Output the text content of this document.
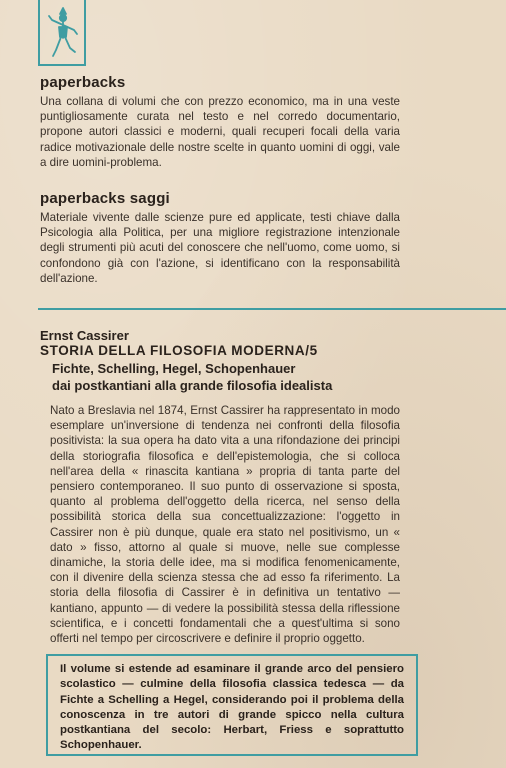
paperbacks
Una collana di volumi che con prezzo economico, ma in una veste puntigliosamente curata nel testo e nel corredo documentario, propone autori classici e moderni, quali recuperi focali della varia radice motivazionale delle nostre scelte in quanto uomini di oggi, vale a dire uomini-problema.
paperbacks saggi
Materiale vivente dalle scienze pure ed applicate, testi chiave dalla Psicologia alla Politica, per una migliore registrazione intenzionale degli strumenti più acuti del conoscere che nell'uomo, come uomo, si confondono già con l'azione, si identificano con la responsabilità dell'azione.
Ernst Cassirer
STORIA DELLA FILOSOFIA MODERNA/5
Fichte, Schelling, Hegel, Schopenhauer
dai postkantiani alla grande filosofia idealista
Nato a Breslavia nel 1874, Ernst Cassirer ha rappresentato in modo esemplare un'inversione di tendenza nei confronti della filosofia positivista: la sua opera ha dato vita a una rifondazione dei principi della storiografia filosofica e dell'epistemologia, che si colloca nell'area della « rinascita kantiana » propria di tanta parte del pensiero contemporaneo. Il suo punto di osservazione si sposta, quanto al problema dell'oggetto della ricerca, nel senso della possibilità storica della sua concettualizzazione: l'oggetto in Cassirer non è più dunque, quale era stato nel positivismo, un « dato » fisso, attorno al quale si muove, nelle sue complesse dinamiche, la storia delle idee, ma si modifica fenomenicamente, con il divenire della scienza stessa che ad esso fa riferimento. La storia della filosofia di Cassirer è in definitiva un tentativo — kantiano, appunto — di vedere la possibilità stessa della riflessione scientifica, e i concetti fondamentali che a quest'ultima si sono offerti nel tempo per circoscrivere e definire il proprio oggetto.
Il volume si estende ad esaminare il grande arco del pensiero scolastico — culmine della filosofia classica tedesca — da Fichte a Schelling a Hegel, considerando poi il problema della conoscenza in tre autori di grande spicco nella cultura postkantiana del secolo: Herbart, Friess e soprattutto Schopenhauer.
